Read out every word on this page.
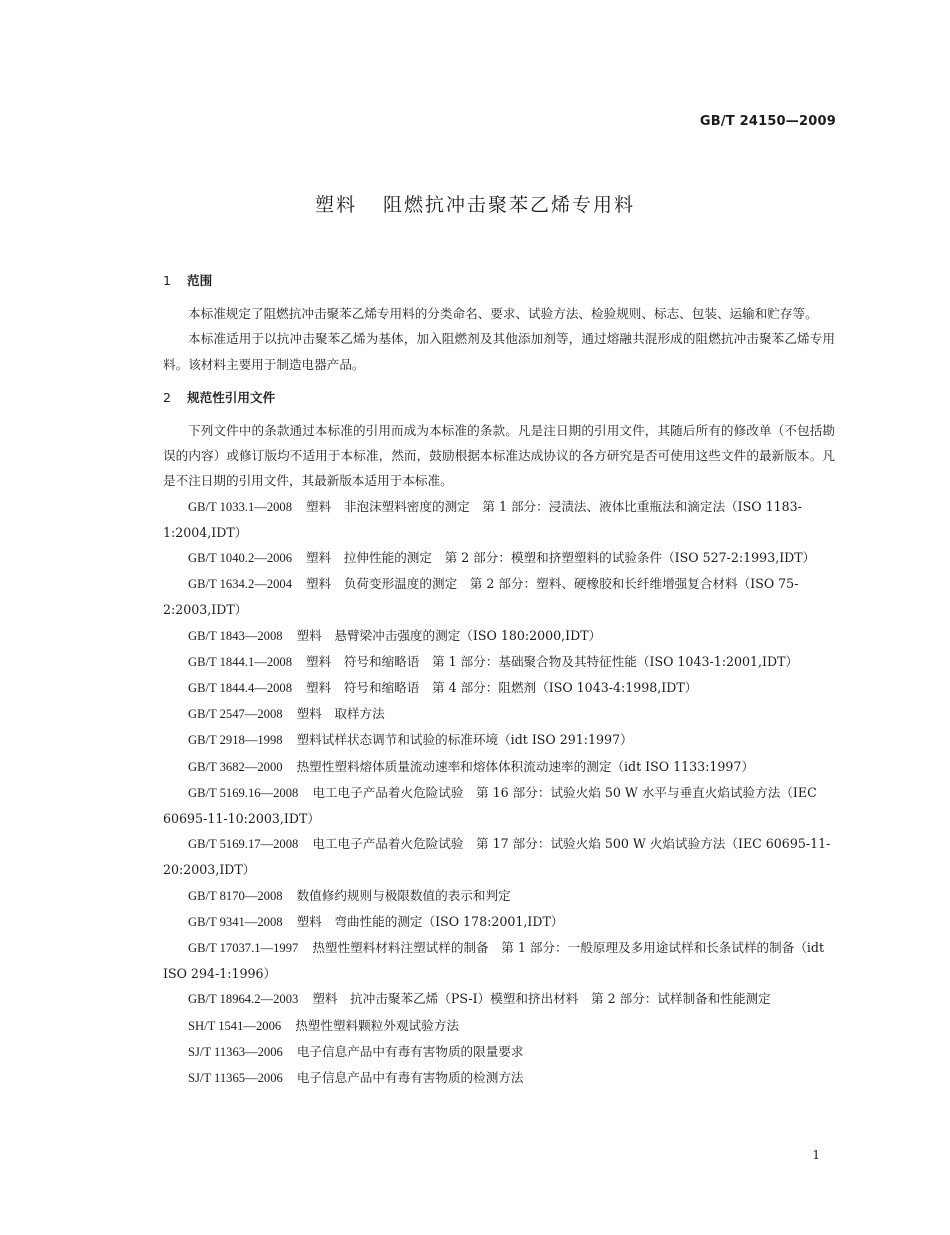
GB/T 24150—2009
塑料 阻燃抗冲击聚苯乙烯专用料
1 范围

本标准规定了阻燃抗冲击聚苯乙烯专用料的分类命名、要求、试验方法、检验规则、标志、包装、运输和贮存等。

本标准适用于以抗冲击聚苯乙烯为基体，加入阻燃剂及其他添加剂等，通过熔融共混形成的阻燃抗冲击聚苯乙烯专用料。该材料主要用于制造电器产品。

2 规范性引用文件

下列文件中的条款通过本标准的引用而成为本标准的条款。凡是注日期的引用文件，其随后所有的修改单（不包括勘误的内容）或修订版均不适用于本标准，然而，鼓励根据本标准达成协议的各方研究是否可使用这些文件的最新版本。凡是不注日期的引用文件，其最新版本适用于本标准。

GB/T 1033.1—2008 塑料　非泡沫塑料密度的测定　第 1 部分：浸渍法、液体比重瓶法和滴定法（ISO 1183-1:2004,IDT）

GB/T 1040.2—2006 塑料　拉伸性能的测定　第 2 部分：模塑和挤塑塑料的试验条件（ISO 527-2:1993,IDT）

GB/T 1634.2—2004 塑料　负荷变形温度的测定　第 2 部分：塑料、硬橡胶和长纤维增强复合材料（ISO 75-2:2003,IDT）

GB/T 1843—2008 塑料　悬臂梁冲击强度的测定（ISO 180:2000,IDT）

GB/T 1844.1—2008 塑料　符号和缩略语　第 1 部分：基础聚合物及其特征性能（ISO 1043-1:2001,IDT）

GB/T 1844.4—2008 塑料　符号和缩略语　第 4 部分：阻燃剂（ISO 1043-4:1998,IDT）

GB/T 2547—2008 塑料　取样方法

GB/T 2918—1998 塑料试样状态调节和试验的标准环境（idt ISO 291:1997）

GB/T 3682—2000 热塑性塑料熔体质量流动速率和熔体体积流动速率的测定（idt ISO 1133:1997）

GB/T 5169.16—2008 电工电子产品着火危险试验　第 16 部分：试验火焰 50 W 水平与垂直火焰试验方法（IEC 60695-11-10:2003,IDT）

GB/T 5169.17—2008 电工电子产品着火危险试验　第 17 部分：试验火焰 500 W 火焰试验方法（IEC 60695-11-20:2003,IDT）

GB/T 8170—2008 数值修约规则与极限数值的表示和判定

GB/T 9341—2008 塑料　弯曲性能的测定（ISO 178:2001,IDT）

GB/T 17037.1—1997 热塑性塑料材料注塑试样的制备　第 1 部分：一般原理及多用途试样和长条试样的制备（idt ISO 294-1:1996）

GB/T 18964.2—2003 塑料　抗冲击聚苯乙烯（PS-I）模塑和挤出材料　第 2 部分：试样制备和性能测定

SH/T 1541—2006 热塑性塑料颗粒外观试验方法

SJ/T 11363—2006 电子信息产品中有毒有害物质的限量要求

SJ/T 11365—2006 电子信息产品中有毒有害物质的检测方法

1
